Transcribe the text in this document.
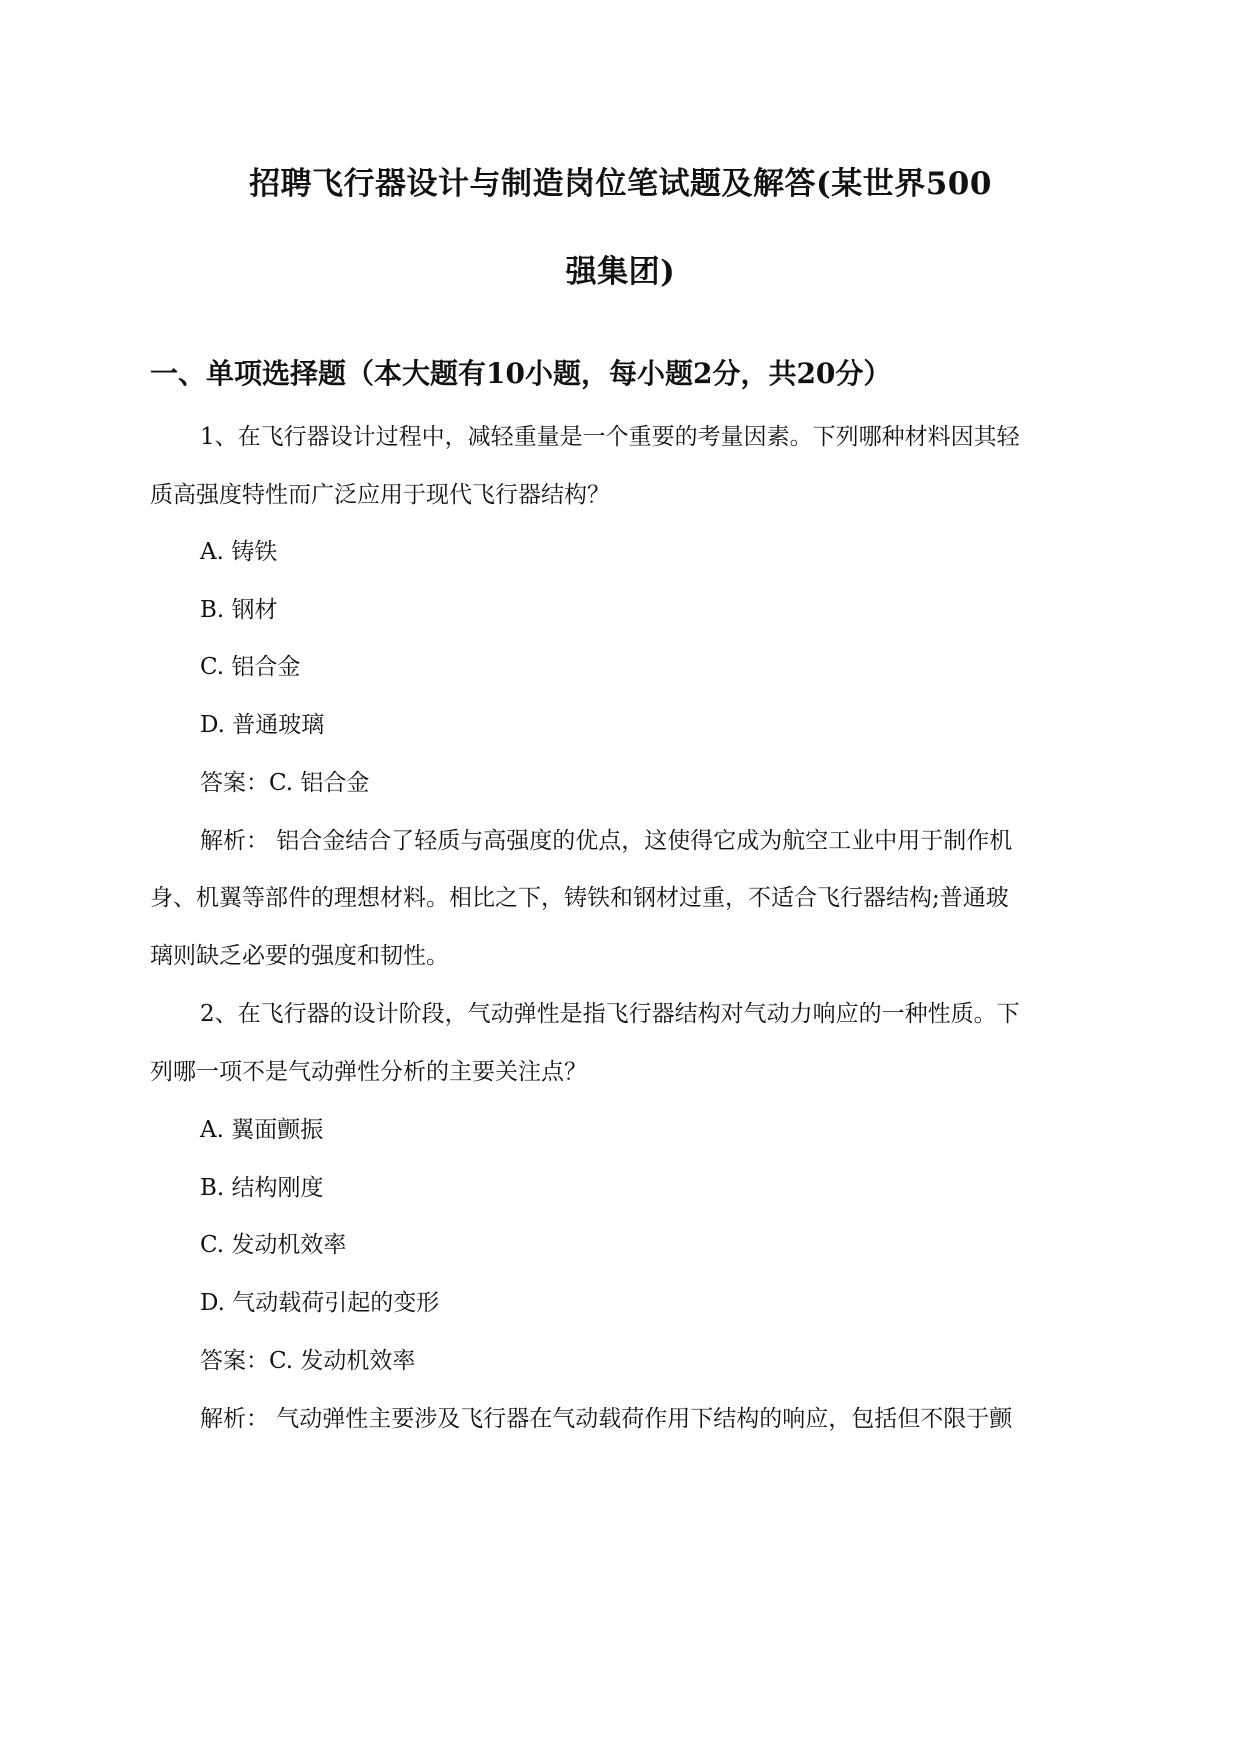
招聘飞行器设计与制造岗位笔试题及解答(某世界500
强集团)
一、单项选择题（本大题有10小题，每小题2分，共20分）
1、在飞行器设计过程中，减轻重量是一个重要的考量因素。下列哪种材料因其轻
质高强度特性而广泛应用于现代飞行器结构？
A. 铸铁
B. 钢材
C. 铝合金
D. 普通玻璃
答案：C. 铝合金
解析： 铝合金结合了轻质与高强度的优点，这使得它成为航空工业中用于制作机
身、机翼等部件的理想材料。相比之下，铸铁和钢材过重，不适合飞行器结构;普通玻
璃则缺乏必要的强度和韧性。
2、在飞行器的设计阶段，气动弹性是指飞行器结构对气动力响应的一种性质。下
列哪一项不是气动弹性分析的主要关注点？
A. 翼面颤振
B. 结构刚度
C. 发动机效率
D. 气动载荷引起的变形
答案：C. 发动机效率
解析： 气动弹性主要涉及飞行器在气动载荷作用下结构的响应，包括但不限于颤
